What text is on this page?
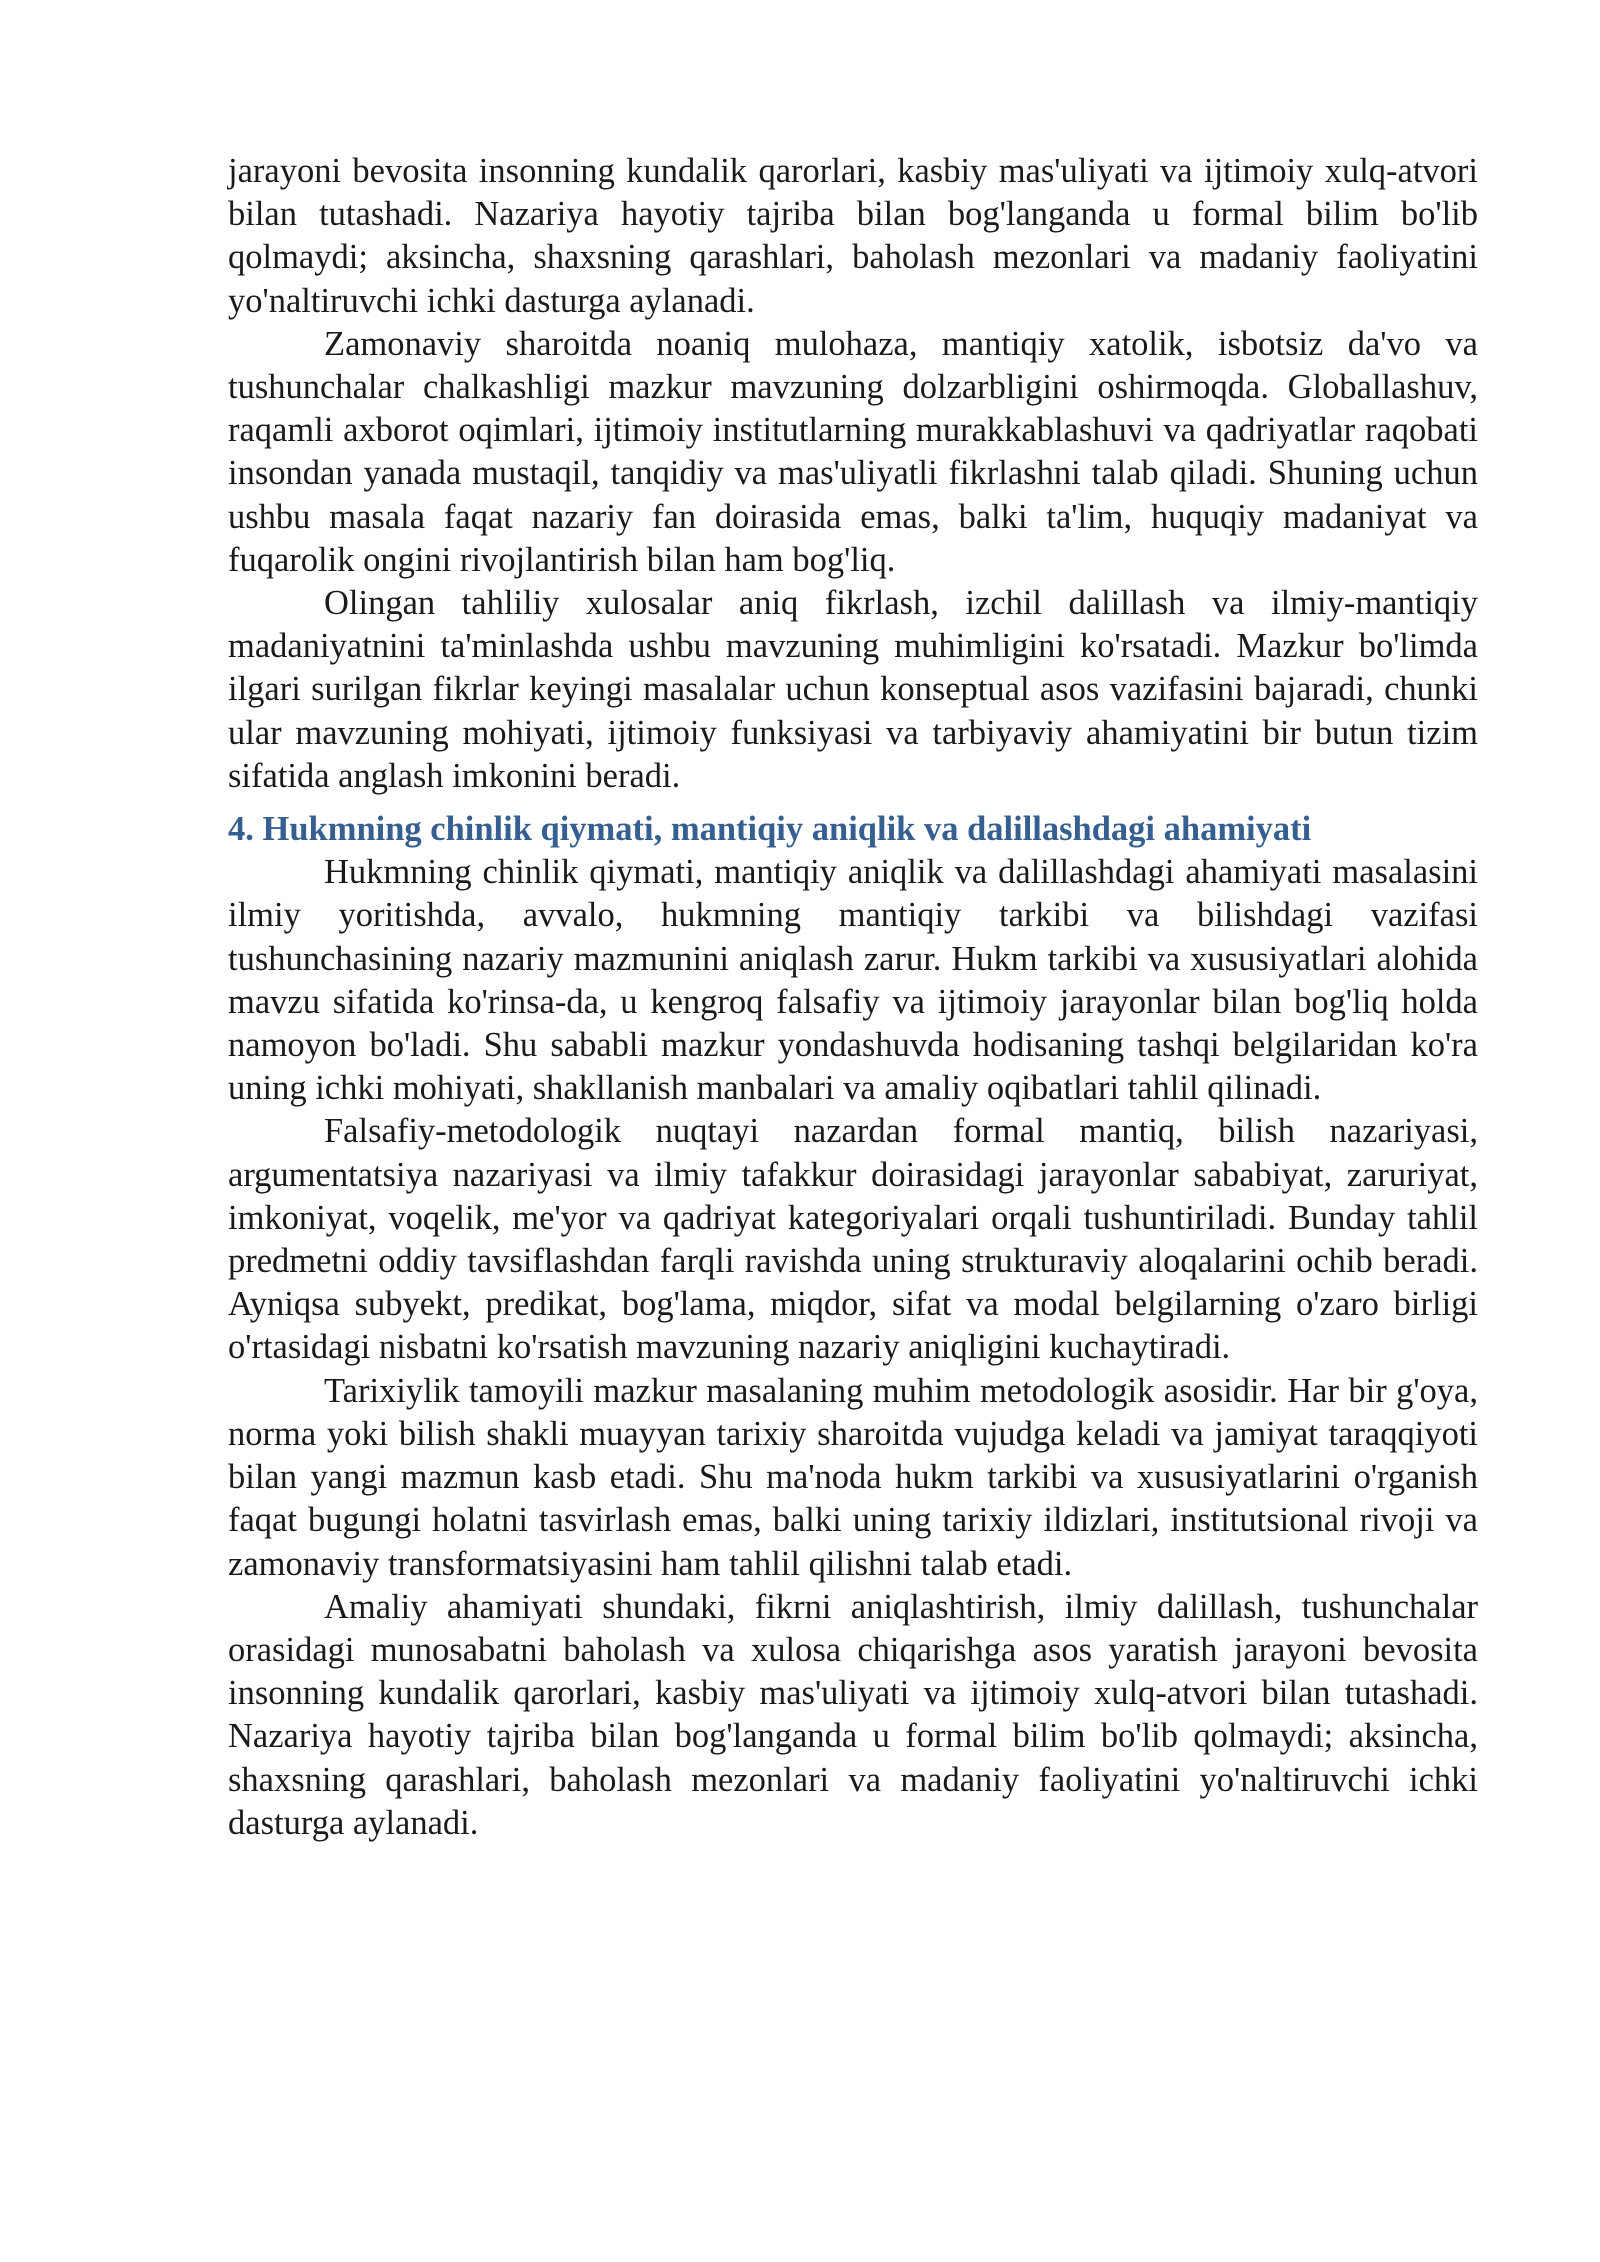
jarayoni bevosita insonning kundalik qarorlari, kasbiy mas'uliyati va ijtimoiy xulq-atvori bilan tutashadi. Nazariya hayotiy tajriba bilan bog'langanda u formal bilim bo'lib qolmaydi; aksincha, shaxsning qarashlari, baholash mezonlari va madaniy faoliyatini yo'naltiruvchi ichki dasturga aylanadi.

Zamonaviy sharoitda noaniq mulohaza, mantiqiy xatolik, isbotsiz da'vo va tushunchalar chalkashligi mazkur mavzuning dolzarbligini oshirmoqda. Globallashuv, raqamli axborot oqimlari, ijtimoiy institutlarning murakkablashuvi va qadriyatlar raqobati insondan yanada mustaqil, tanqidiy va mas'uliyatli fikrlashni talab qiladi. Shuning uchun ushbu masala faqat nazariy fan doirasida emas, balki ta'lim, huquqiy madaniyat va fuqarolik ongini rivojlantirish bilan ham bog'liq.

Olingan tahliliy xulosalar aniq fikrlash, izchil dalillash va ilmiy-mantiqiy madaniyatnini ta'minlashda ushbu mavzuning muhimligini ko'rsatadi. Mazkur bo'limda ilgari surilgan fikrlar keyingi masalalar uchun konseptual asos vazifasini bajaradi, chunki ular mavzuning mohiyati, ijtimoiy funksiyasi va tarbiyaviy ahamiyatini bir butun tizim sifatida anglash imkonini beradi.

4. Hukmning chinlik qiymati, mantiqiy aniqlik va dalillashdagi ahamiyati

Hukmning chinlik qiymati, mantiqiy aniqlik va dalillashdagi ahamiyati masalasini ilmiy yoritishda, avvalo, hukmning mantiqiy tarkibi va bilishdagi vazifasi tushunchasining nazariy mazmunini aniqlash zarur. Hukm tarkibi va xususiyatlari alohida mavzu sifatida ko'rinsa-da, u kengroq falsafiy va ijtimoiy jarayonlar bilan bog'liq holda namoyon bo'ladi. Shu sababli mazkur yondashuvda hodisaning tashqi belgilaridan ko'ra uning ichki mohiyati, shakllanish manbalari va amaliy oqibatlari tahlil qilinadi.

Falsafiy-metodologik nuqtayi nazardan formal mantiq, bilish nazariyasi, argumentatsiya nazariyasi va ilmiy tafakkur doirasidagi jarayonlar sababiyat, zaruriyat, imkoniyat, voqelik, me'yor va qadriyat kategoriyalari orqali tushuntiriladi. Bunday tahlil predmetni oddiy tavsiflashdan farqli ravishda uning strukturaviy aloqalarini ochib beradi. Ayniqsa subyekt, predikat, bog'lama, miqdor, sifat va modal belgilarning o'zaro birligi o'rtasidagi nisbatni ko'rsatish mavzuning nazariy aniqligini kuchaytiradi.

Tarixiylik tamoyili mazkur masalaning muhim metodologik asosidir. Har bir g'oya, norma yoki bilish shakli muayyan tarixiy sharoitda vujudga keladi va jamiyat taraqqiyoti bilan yangi mazmun kasb etadi. Shu ma'noda hukm tarkibi va xususiyatlarini o'rganish faqat bugungi holatni tasvirlash emas, balki uning tarixiy ildizlari, institutsional rivoji va zamonaviy transformatsiyasini ham tahlil qilishni talab etadi.

Amaliy ahamiyati shundaki, fikrni aniqlashtirish, ilmiy dalillash, tushunchalar orasidagi munosabatni baholash va xulosa chiqarishga asos yaratish jarayoni bevosita insonning kundalik qarorlari, kasbiy mas'uliyati va ijtimoiy xulq-atvori bilan tutashadi. Nazariya hayotiy tajriba bilan bog'langanda u formal bilim bo'lib qolmaydi; aksincha, shaxsning qarashlari, baholash mezonlari va madaniy faoliyatini yo'naltiruvchi ichki dasturga aylanadi.
